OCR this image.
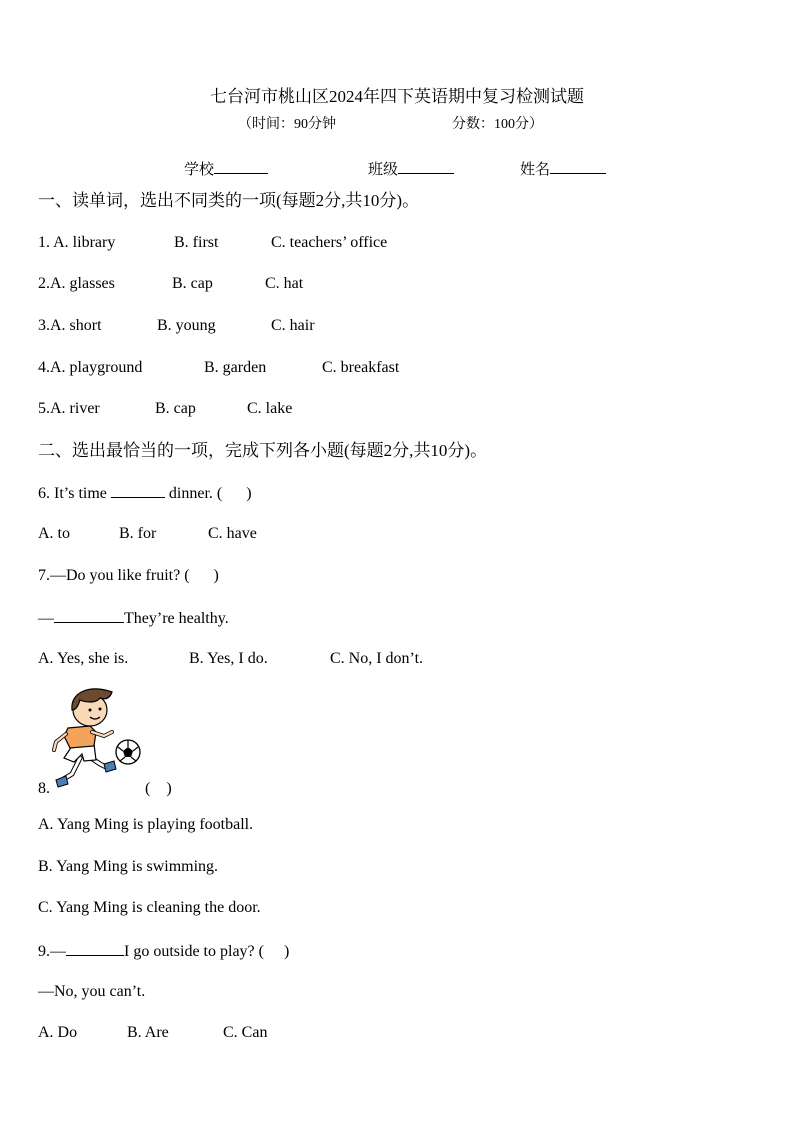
七台河市桃山区2024年四下英语期中复习检测试题
（时间：90分钟	分数：100分）
学校	班级	姓名
一、读单词，选出不同类的一项(每题2分,共10分)。
1. A. library	B. first	C. teachers’ office
2.A. glasses	B. cap	C. hat
3.A. short	B. young	C. hair
4.A. playground	B. garden	C. breakfast
5.A. river	B. cap	C. lake
二、选出最恰当的一项，完成下列各小题(每题2分,共10分)。
6. It’s time	dinner. (      )
A. to	B. for	C. have
7.—Do you like fruit? (      )
—	They’re healthy.
A. Yes, she is.	B. Yes, I do.	C. No, I don’t.
8.	(    )
A. Yang Ming is playing football.
B. Yang Ming is swimming.
C. Yang Ming is cleaning the door.
9.—	I go outside to play? (     )
—No, you can’t.
A. Do	B. Are	C. Can
